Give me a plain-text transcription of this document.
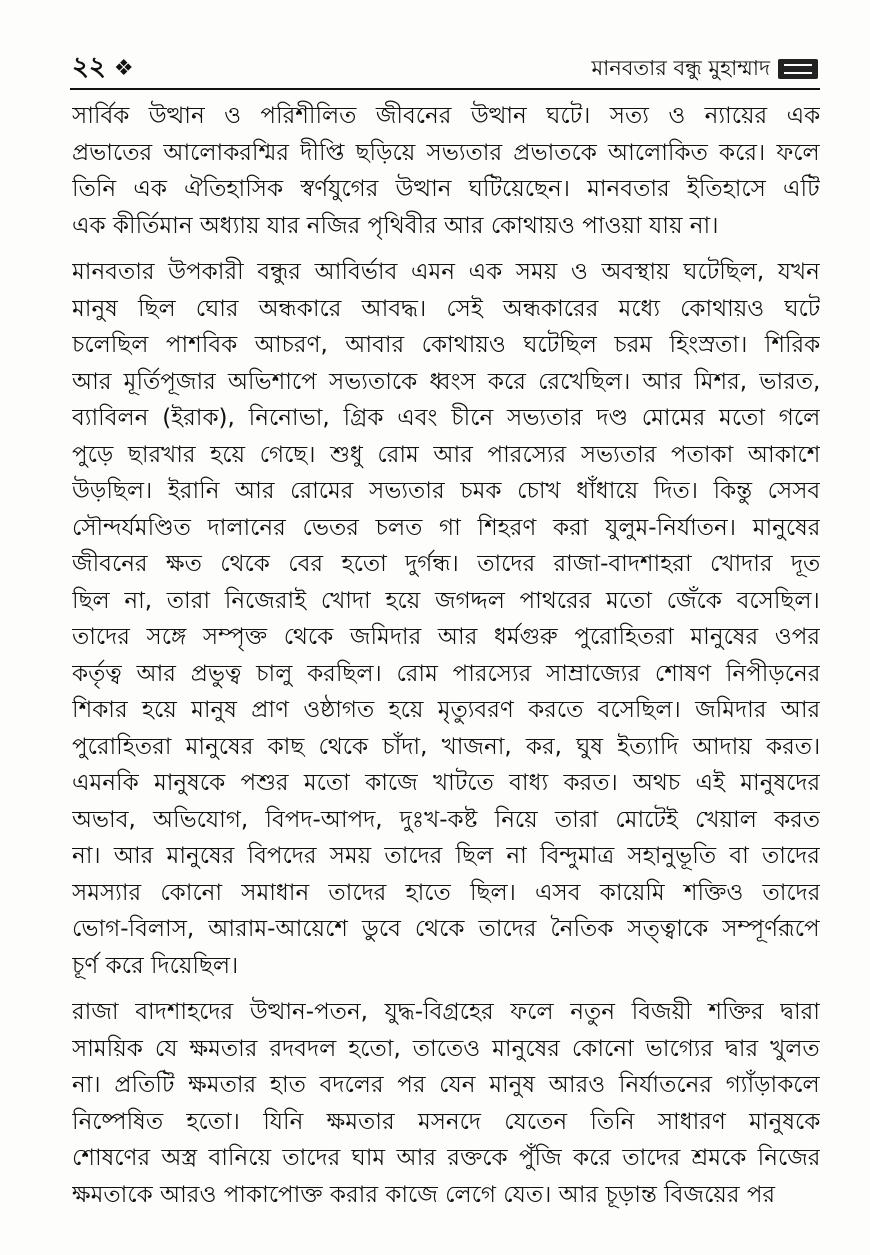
২২ ❖	মানবতার বন্ধু মুহাম্মাদ

সার্বিক উত্থান ও পরিশীলিত জীবনের উত্থান ঘটে। সত্য ও ন্যায়ের এক
প্রভাতের আলোকরশ্মির দীপ্তি ছড়িয়ে সভ্যতার প্রভাতকে আলোকিত করে। ফলে
তিনি এক ঐতিহাসিক স্বর্ণযুগের উত্থান ঘটিয়েছেন। মানবতার ইতিহাসে এটি
এক কীর্তিমান অধ্যায় যার নজির পৃথিবীর আর কোথায়ও পাওয়া যায় না।

মানবতার উপকারী বন্ধুর আবির্ভাব এমন এক সময় ও অবস্থায় ঘটেছিল, যখন
মানুষ ছিল ঘোর অন্ধকারে আবদ্ধ। সেই অন্ধকারের মধ্যে কোথায়ও ঘটে
চলেছিল পাশবিক আচরণ, আবার কোথায়ও ঘটেছিল চরম হিংস্রতা। শিরিক
আর মূর্তিপূজার অভিশাপে সভ্যতাকে ধ্বংস করে রেখেছিল। আর মিশর, ভারত,
ব্যাবিলন (ইরাক), নিনোভা, গ্রিক এবং চীনে সভ্যতার দণ্ড মোমের মতো গলে
পুড়ে ছারখার হয়ে গেছে। শুধু রোম আর পারস্যের সভ্যতার পতাকা আকাশে
উড়ছিল। ইরানি আর রোমের সভ্যতার চমক চোখ ধাঁধায়ে দিত। কিন্তু সেসব
সৌন্দর্যমণ্ডিত দালানের ভেতর চলত গা শিহরণ করা যুলুম-নির্যাতন। মানুষের
জীবনের ক্ষত থেকে বের হতো দুর্গন্ধ। তাদের রাজা-বাদশাহরা খোদার দূত
ছিল না, তারা নিজেরাই খোদা হয়ে জগদ্দল পাথরের মতো জেঁকে বসেছিল।
তাদের সঙ্গে সম্পৃক্ত থেকে জমিদার আর ধর্মগুরু পুরোহিতরা মানুষের ওপর
কর্তৃত্ব আর প্রভুত্ব চালু করছিল। রোম পারস্যের সাম্রাজ্যের শোষণ নিপীড়নের
শিকার হয়ে মানুষ প্রাণ ওষ্ঠাগত হয়ে মৃত্যুবরণ করতে বসেছিল। জমিদার আর
পুরোহিতরা মানুষের কাছ থেকে চাঁদা, খাজনা, কর, ঘুষ ইত্যাদি আদায় করত।
এমনকি মানুষকে পশুর মতো কাজে খাটতে বাধ্য করত। অথচ এই মানুষদের
অভাব, অভিযোগ, বিপদ-আপদ, দুঃখ-কষ্ট নিয়ে তারা মোটেই খেয়াল করত
না। আর মানুষের বিপদের সময় তাদের ছিল না বিন্দুমাত্র সহানুভূতি বা তাদের
সমস্যার কোনো সমাধান তাদের হাতে ছিল। এসব কায়েমি শক্তিও তাদের
ভোগ-বিলাস, আরাম-আয়েশে ডুবে থেকে তাদের নৈতিক সত্ত্বাকে সম্পূর্ণরূপে
চূর্ণ করে দিয়েছিল।

রাজা বাদশাহদের উত্থান-পতন, যুদ্ধ-বিগ্রহের ফলে নতুন বিজয়ী শক্তির দ্বারা
সাময়িক যে ক্ষমতার রদবদল হতো, তাতেও মানুষের কোনো ভাগ্যের দ্বার খুলত
না। প্রতিটি ক্ষমতার হাত বদলের পর যেন মানুষ আরও নির্যাতনের গ্যাঁড়াকলে
নিষ্পেষিত হতো। যিনি ক্ষমতার মসনদে যেতেন তিনি সাধারণ মানুষকে
শোষণের অস্ত্র বানিয়ে তাদের ঘাম আর রক্তকে পুঁজি করে তাদের শ্রমকে নিজের
ক্ষমতাকে আরও পাকাপোক্ত করার কাজে লেগে যেত। আর চূড়ান্ত বিজয়ের পর
